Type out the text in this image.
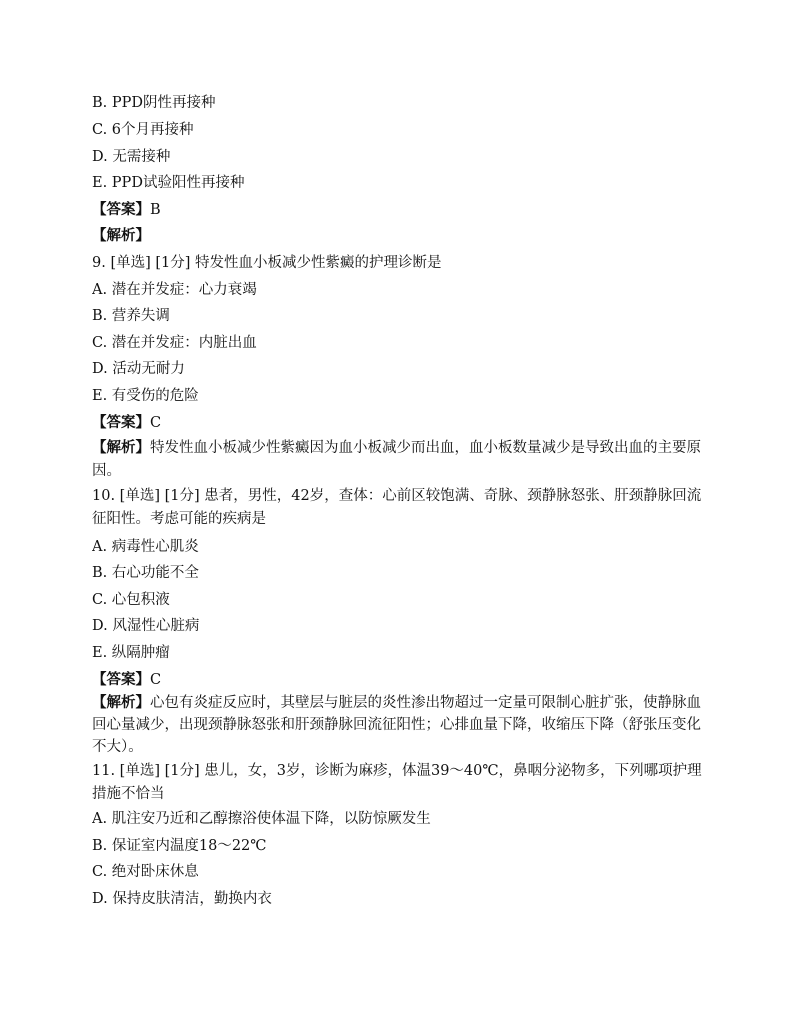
B. PPD阴性再接种
C. 6个月再接种
D. 无需接种
E. PPD试验阳性再接种
【答案】B
【解析】
9. [单选] [1分] 特发性血小板减少性紫癜的护理诊断是
A. 潜在并发症：心力衰竭
B. 营养失调
C. 潜在并发症：内脏出血
D. 活动无耐力
E. 有受伤的危险
【答案】C
【解析】特发性血小板减少性紫癜因为血小板减少而出血，血小板数量减少是导致出血的主要原因。
10. [单选] [1分] 患者，男性，42岁，查体：心前区较饱满、奇脉、颈静脉怒张、肝颈静脉回流征阳性。考虑可能的疾病是
A. 病毒性心肌炎
B. 右心功能不全
C. 心包积液
D. 风湿性心脏病
E. 纵隔肿瘤
【答案】C
【解析】心包有炎症反应时，其壁层与脏层的炎性渗出物超过一定量可限制心脏扩张，使静脉血回心量减少，出现颈静脉怒张和肝颈静脉回流征阳性；心排血量下降，收缩压下降（舒张压变化不大）。
11. [单选] [1分] 患儿，女，3岁，诊断为麻疹，体温39～40℃，鼻咽分泌物多，下列哪项护理措施不恰当
A. 肌注安乃近和乙醇擦浴使体温下降，以防惊厥发生
B. 保证室内温度18～22℃
C. 绝对卧床休息
D. 保持皮肤清洁，勤换内衣
